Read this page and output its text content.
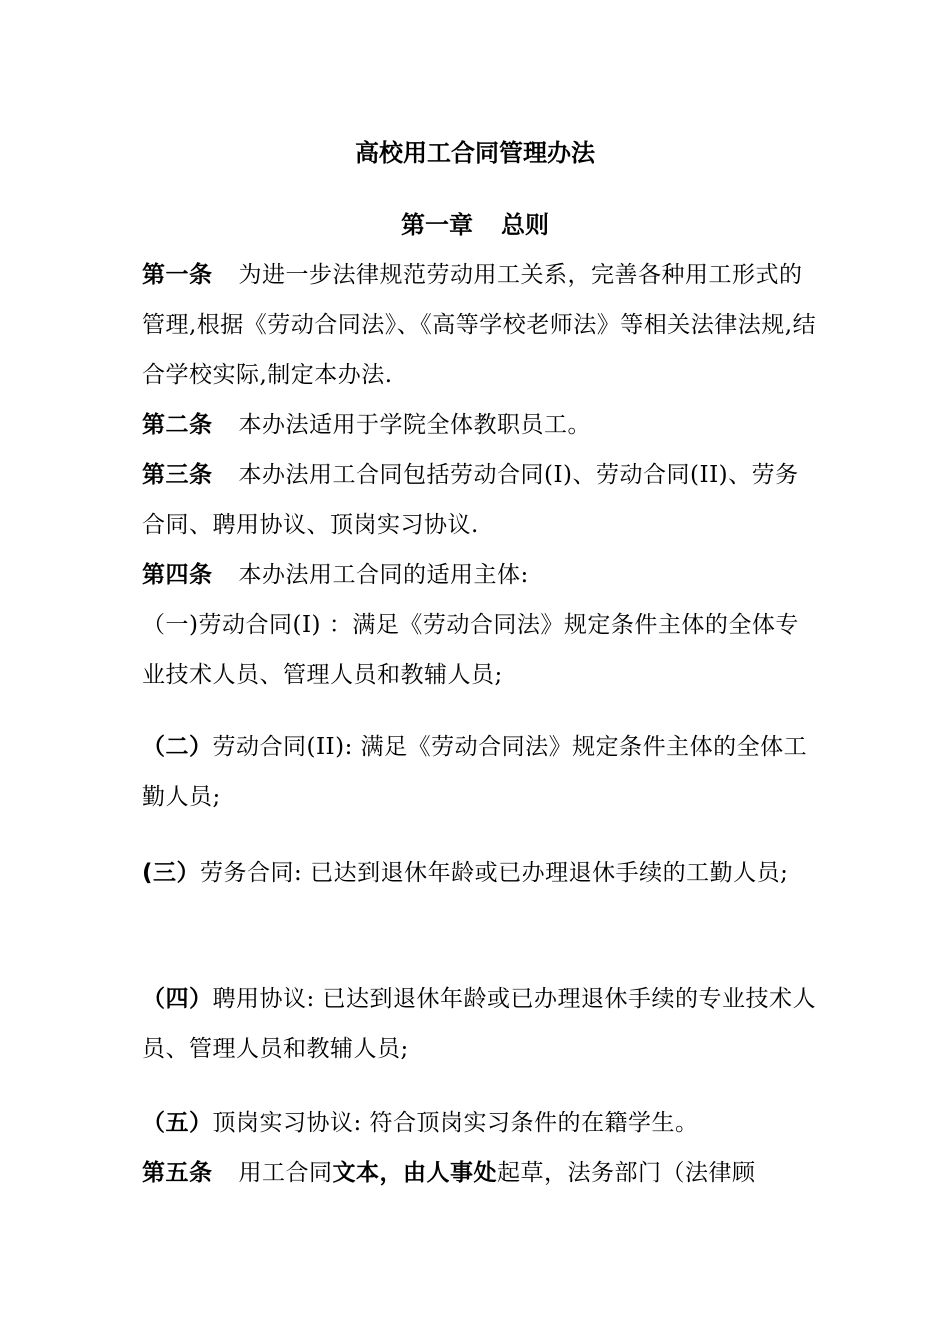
高校用工合同管理办法
第一章 总则

第一条 为进一步法律规范劳动用工关系，完善各种用工形式的管理,根据《劳动合同法》、《高等学校老师法》等相关法律法规,结合学校实际,制定本办法.

第二条 本办法适用于学院全体教职员工。

第三条 本办法用工合同包括劳动合同(I)、劳动合同(II)、劳务合同、聘用协议、顶岗实习协议.

第四条 本办法用工合同的适用主体:

（一)劳动合同(I) ：满足《劳动合同法》规定条件主体的全体专业技术人员、管理人员和教辅人员;

（二）劳动合同(II): 满足《劳动合同法》规定条件主体的全体工勤人员;

(三）劳务合同: 已达到退休年龄或已办理退休手续的工勤人员;

（四）聘用协议: 已达到退休年龄或已办理退休手续的专业技术人员、管理人员和教辅人员;

（五）顶岗实习协议: 符合顶岗实习条件的在籍学生。

第五条 用工合同文本，由人事处起草，法务部门（法律顾
